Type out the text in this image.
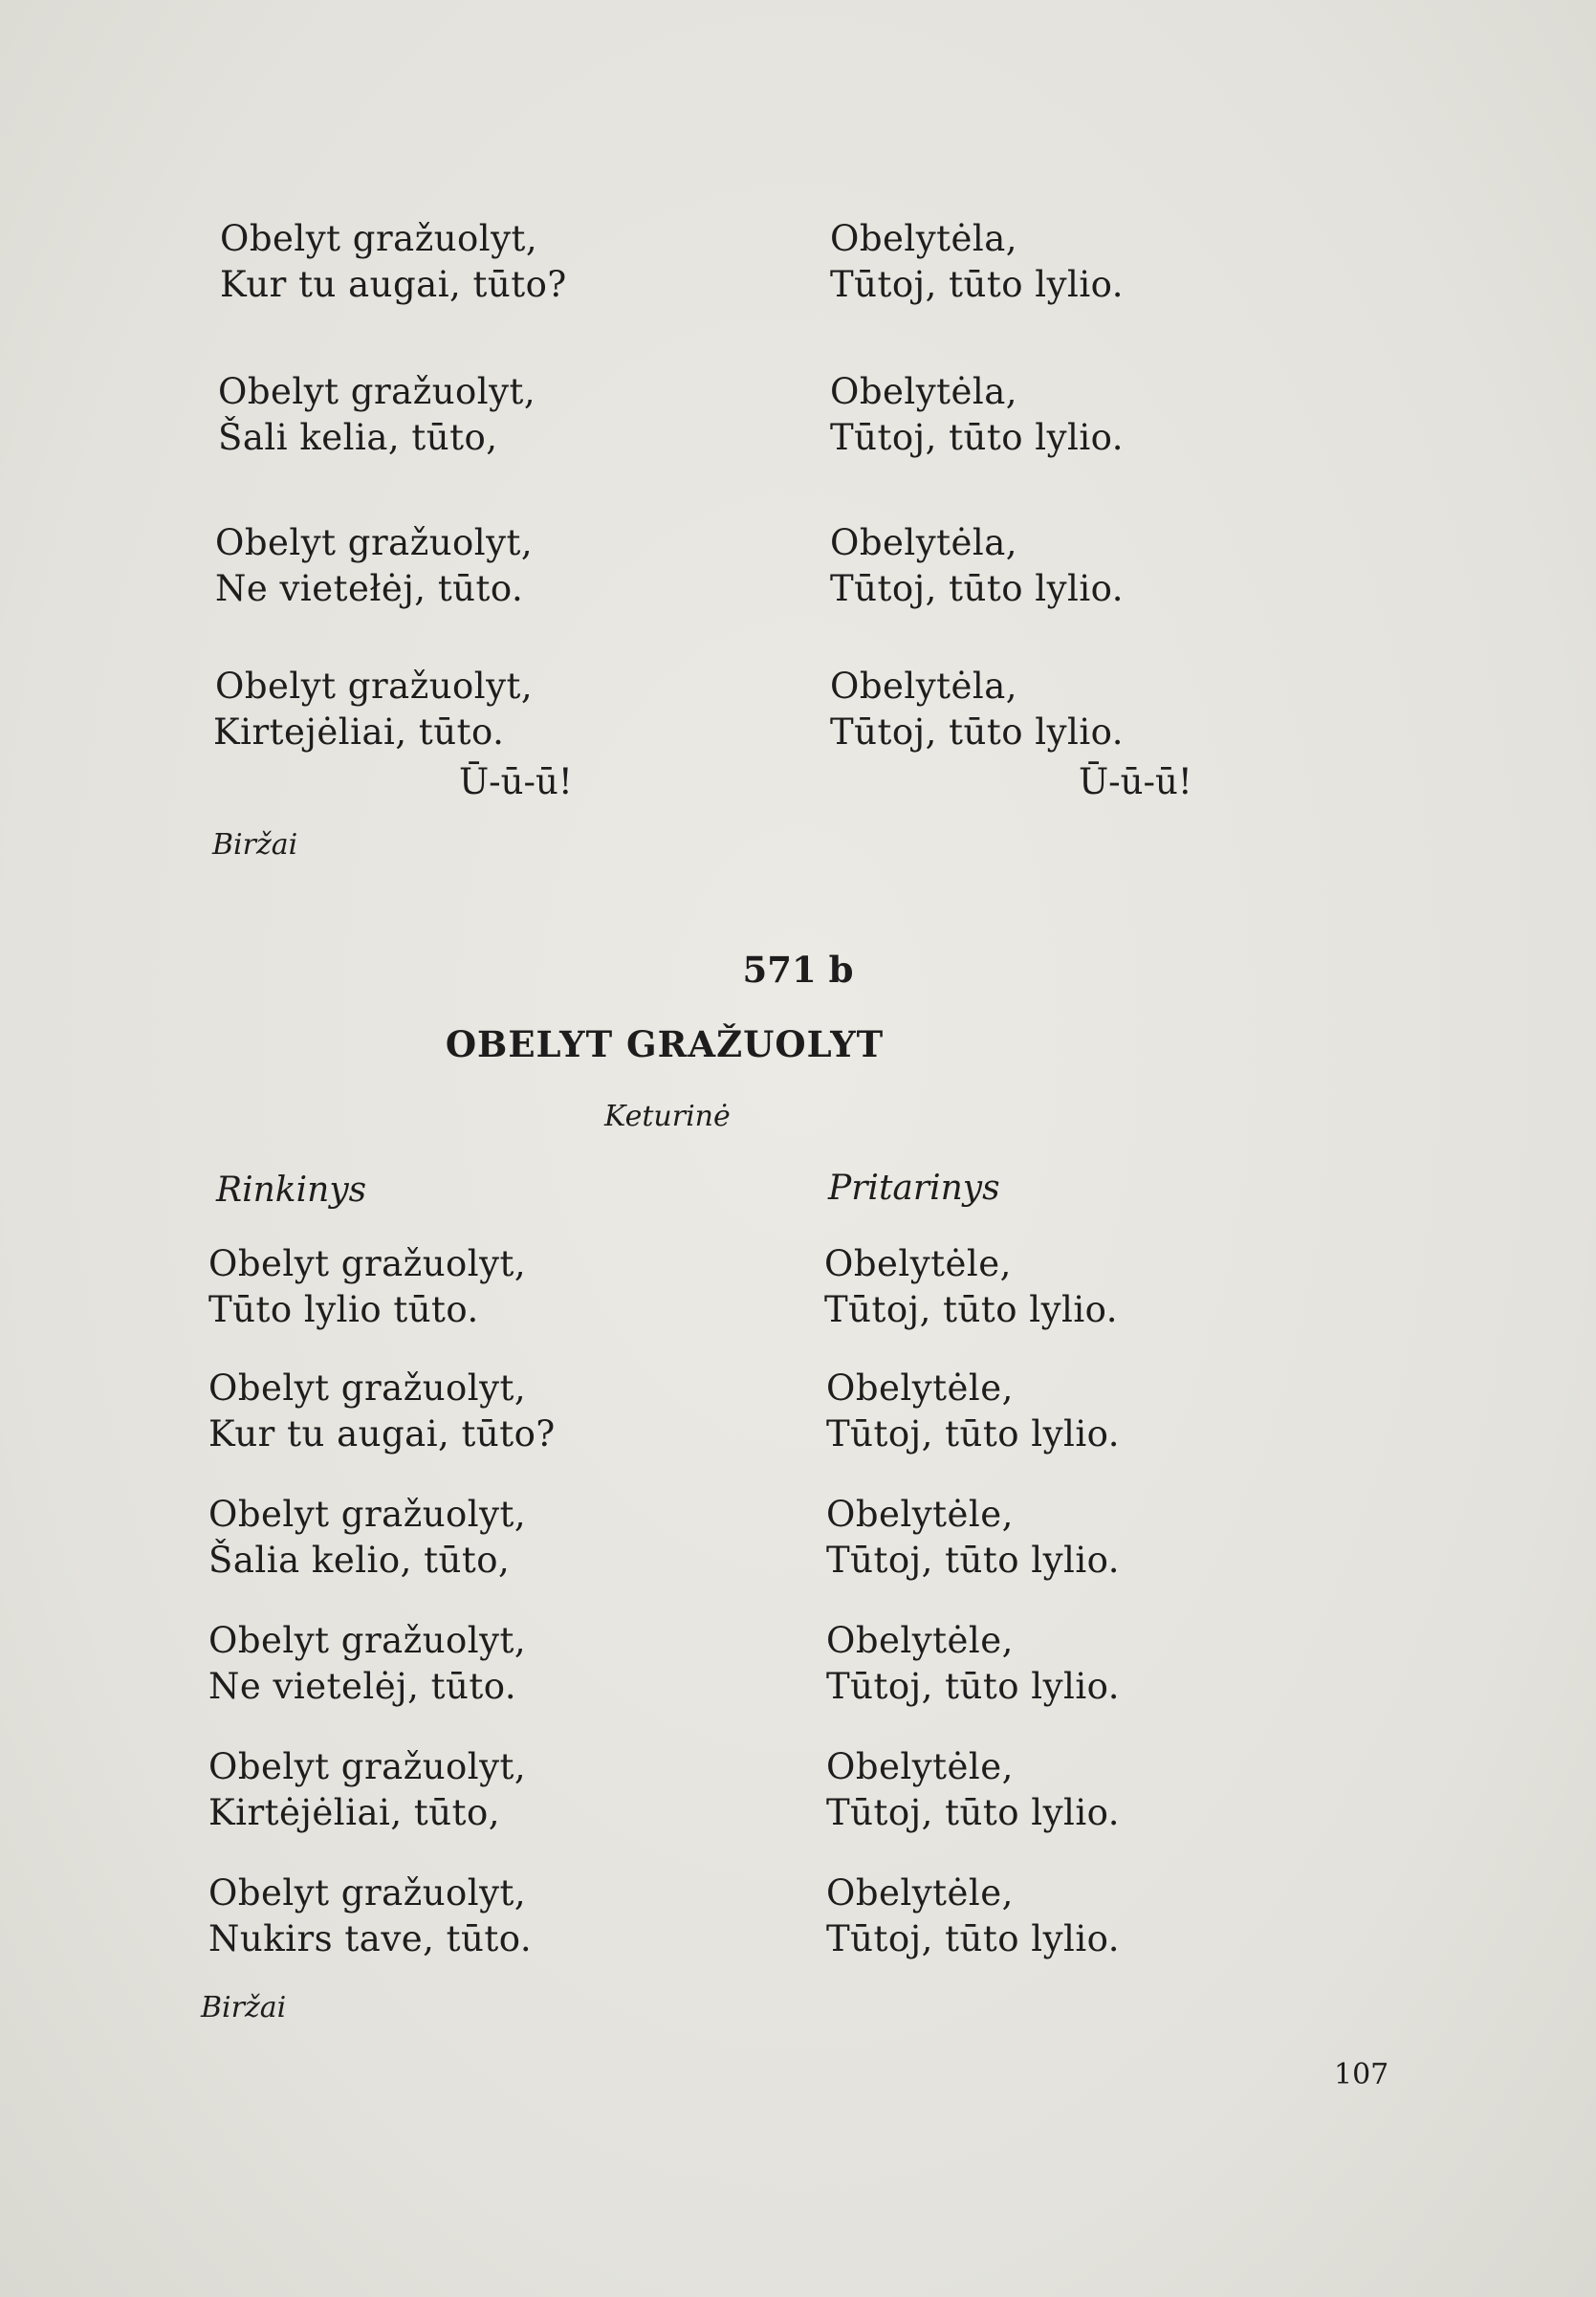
Obelyt gražuolyt,
Kur tu augai, tūto?
Obelyt gražuolyt,
Šali kelia, tūto,
Obelyt gražuolyt,
Ne vietełėj, tūto.
Obelyt gražuolyt,
Kirtejėliai, tūto.
Ū-ū-ū!
Biržai
Obelytėla,
Tūtoj, tūto lylio.
Obelytėla,
Tūtoj, tūto lylio.
Obelytėla,
Tūtoj, tūto lylio.
Obelytėla,
Tūtoj, tūto lylio.
Ū-ū-ū!
571 b
OBELYT GRAŽUOLYT
Keturinė
Rinkinys	Pritarinys
Obelyt gražuolyt,
Tūto lylio tūto.
Obelyt gražuolyt,
Kur tu augai, tūto?
Obelyt gražuolyt,
Šalia kelio, tūto,
Obelyt gražuolyt,
Ne vietelėj, tūto.
Obelyt gražuolyt,
Kirtėjėliai, tūto,
Obelyt gražuolyt,
Nukirs tave, tūto.
Biržai
Obelytėle,
Tūtoj, tūto lylio.
Obelytėle,
Tūtoj, tūto lylio.
Obelytėle,
Tūtoj, tūto lylio.
Obelytėle,
Tūtoj, tūto lylio.
Obelytėle,
Tūtoj, tūto lylio.
Obelytėle,
Tūtoj, tūto lylio.
107
